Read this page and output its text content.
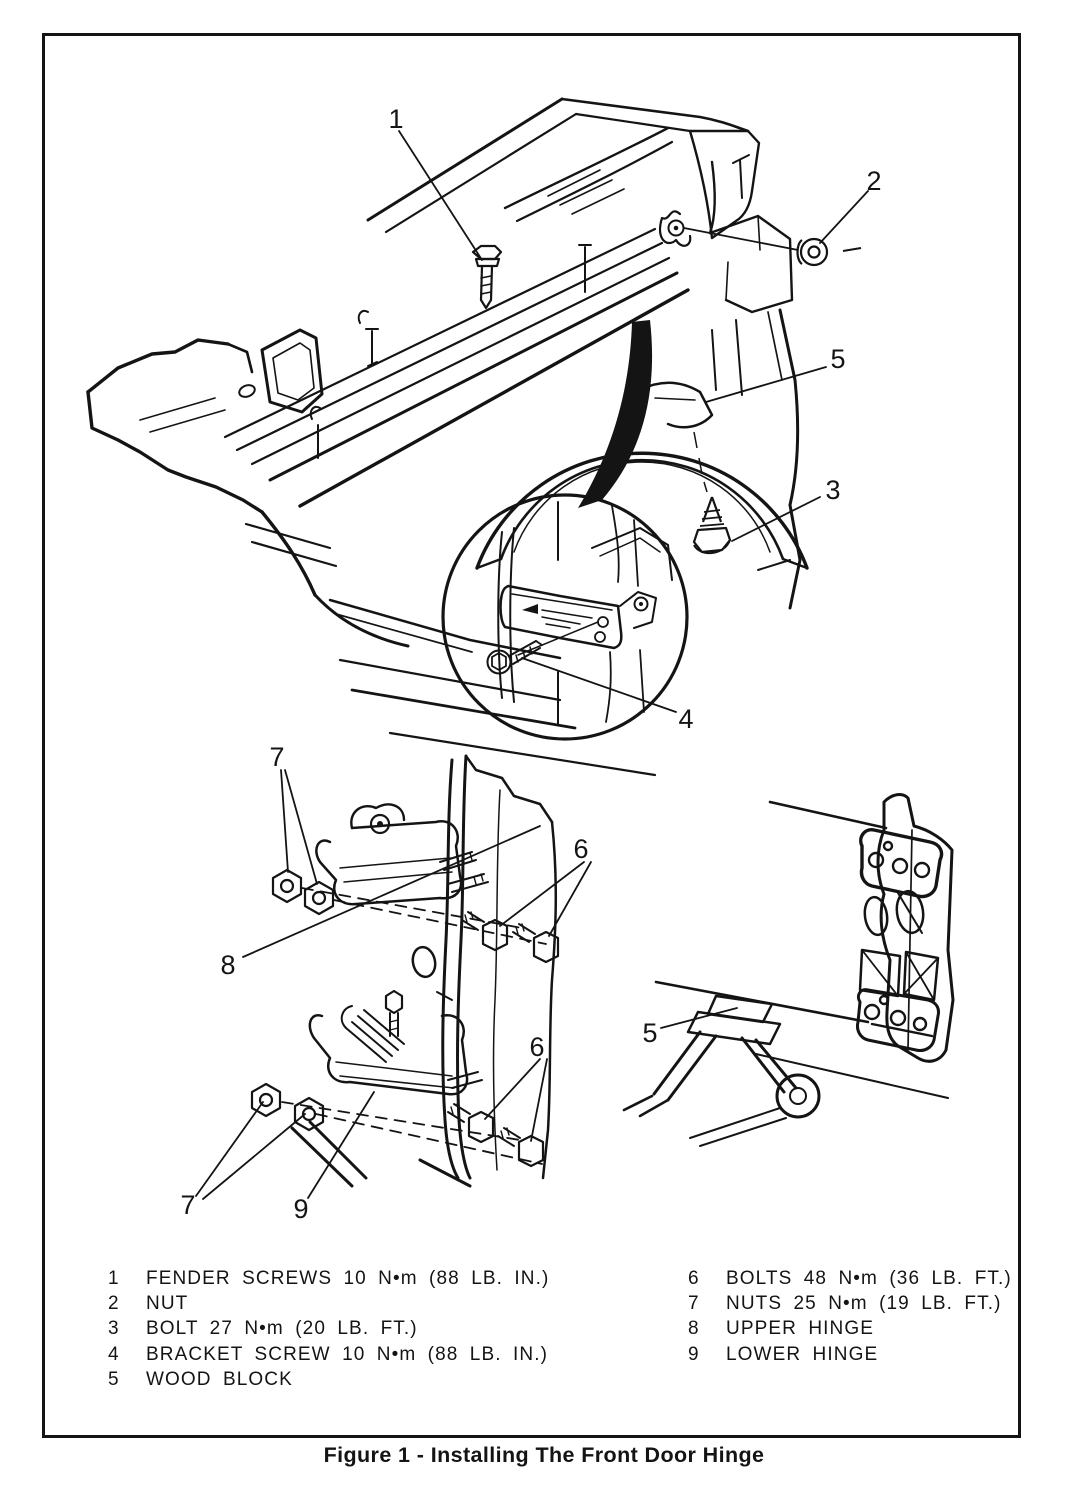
1
2
5
3
4
7
6
8
6
7	9
5
1	FENDER SCREWS 10 N•m (88 LB. IN.)
2	NUT
3	BOLT 27 N•m (20 LB. FT.)
4	BRACKET SCREW 10 N•m (88 LB. IN.)
5	WOOD BLOCK
6	BOLTS 48 N•m (36 LB. FT.)
7	NUTS 25 N•m (19 LB. FT.)
8	UPPER HINGE
9	LOWER HINGE
Figure 1 - Installing The Front Door Hinge
